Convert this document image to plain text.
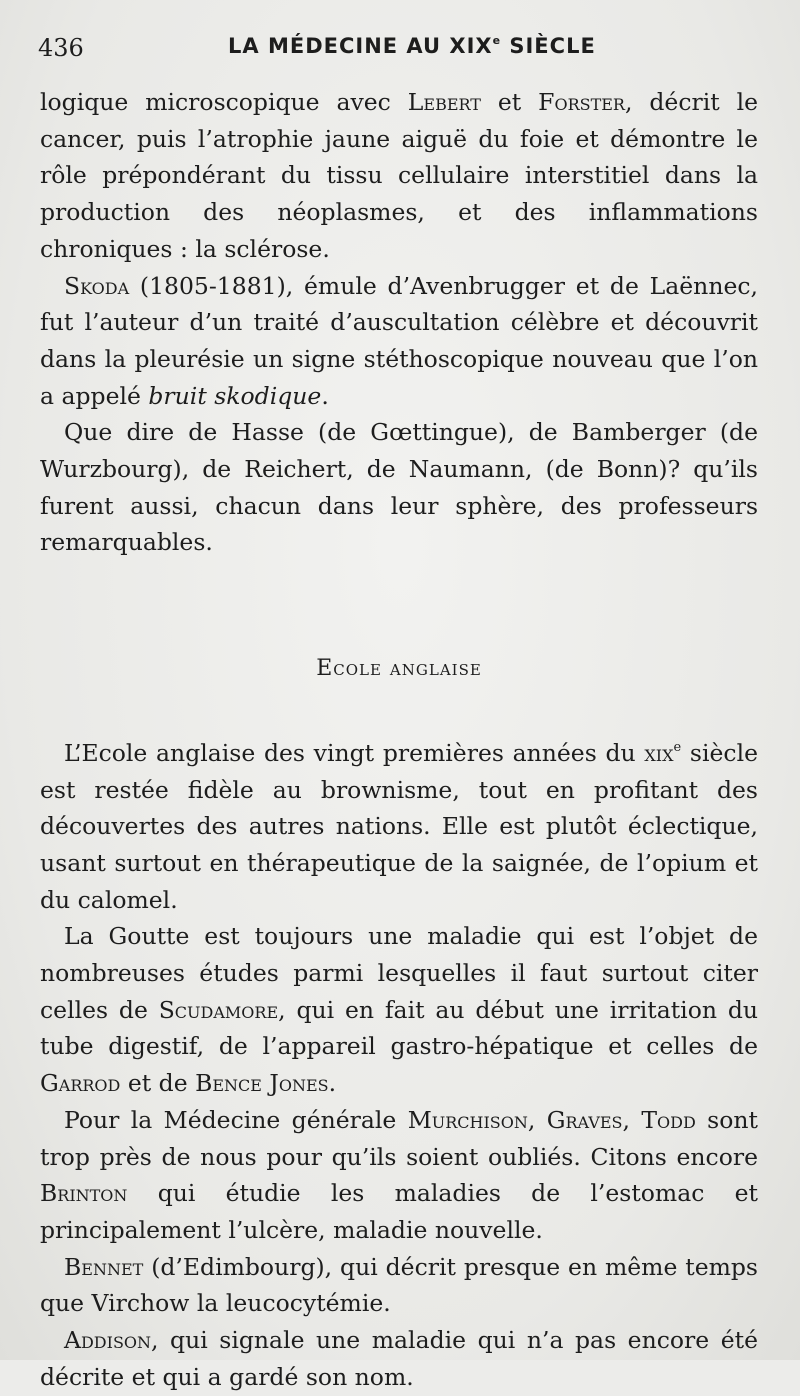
436	LA MÉDECINE AU XIXe SIÈCLE

logique microscopique avec Lebert et Forster, décrit le cancer, puis l’atrophie jaune aiguë du foie et démontre le rôle prépondérant du tissu cellulaire interstitiel dans la production des néoplasmes, et des inflammations chroniques : la sclérose.

Skoda (1805-1881), émule d’Avenbrugger et de Laënnec, fut l’auteur d’un traité d’auscultation célèbre et découvrit dans la pleurésie un signe stéthoscopique nouveau que l’on a appelé bruit skodique.

Que dire de Hasse (de Gœttingue), de Bamberger (de Wurzbourg), de Reichert, de Naumann, (de Bonn)? qu’ils furent aussi, chacun dans leur sphère, des professeurs remarquables.

Ecole anglaise

L’Ecole anglaise des vingt premières années du xix$^e$ siècle est restée fidèle au brownisme, tout en profitant des découvertes des autres nations. Elle est plutôt éclectique, usant surtout en thérapeutique de la saignée, de l’opium et du calomel.

La Goutte est toujours une maladie qui est l’objet de nombreuses études parmi lesquelles il faut surtout citer celles de Scudamore, qui en fait au début une irritation du tube digestif, de l’appareil gastro-hépatique et celles de Garrod et de Bence Jones.

Pour la Médecine générale Murchison, Graves, Todd sont trop près de nous pour qu’ils soient oubliés. Citons encore Brinton qui étudie les maladies de l’estomac et principalement l’ulcère, maladie nouvelle.

Bennet (d’Edimbourg), qui décrit presque en même temps que Virchow la leucocytémie.

Addison, qui signale une maladie qui n’a pas encore été décrite et qui a gardé son nom.
